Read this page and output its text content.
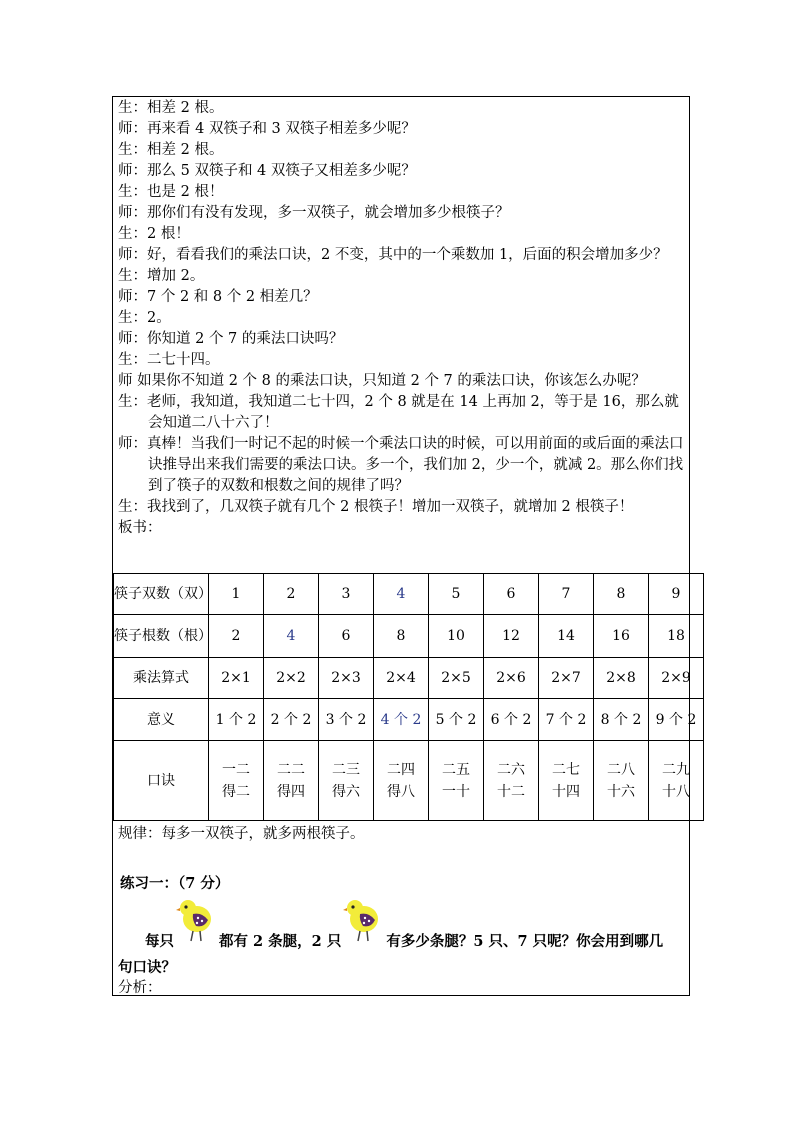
生：相差 2 根。
师：再来看 4 双筷子和 3 双筷子相差多少呢？
生：相差 2 根。
师：那么 5 双筷子和 4 双筷子又相差多少呢？
生：也是 2 根！
师：那你们有没有发现，多一双筷子，就会增加多少根筷子？
生：2 根！
师：好，看看我们的乘法口诀，2 不变，其中的一个乘数加 1，后面的积会增加多少？
生：增加 2。
师：7 个 2 和 8 个 2 相差几？
生：2。
师：你知道 2 个 7 的乘法口诀吗？
生：二七十四。
师 如果你不知道 2 个 8 的乘法口诀，只知道 2 个 7 的乘法口诀，你该怎么办呢？
生：老师，我知道，我知道二七十四，2 个 8 就是在 14 上再加 2，等于是 16，那么就会知道二八十六了！
师：真棒！当我们一时记不起的时候一个乘法口诀的时候，可以用前面的或后面的乘法口诀推导出来我们需要的乘法口诀。多一个，我们加 2，少一个，就减 2。那么你们找到了筷子的双数和根数之间的规律了吗？
生：我找到了，几双筷子就有几个 2 根筷子！增加一双筷子，就增加 2 根筷子！
板书：
筷子双数（双）	1	2	3	4	5	6	7	8	9
筷子根数（根）	2	4	6	8	10	12	14	16	18
乘法算式	2×1	2×2	2×3	2×4	2×5	2×6	2×7	2×8	2×9
意义	1 个 2	2 个 2	3 个 2	4 个 2	5 个 2	6 个 2	7 个 2	8 个 2	9 个 2
口诀	一二得二	二二得四	二三得六	二四得八	二五一十	二六十二	二七十四	二八十六	二九十八
规律：每多一双筷子，就多两根筷子。
练习一：（7 分）
每只	都有 2 条腿，2 只	有多少条腿？5 只、7 只呢？你会用到哪几
句口诀？
分析：
